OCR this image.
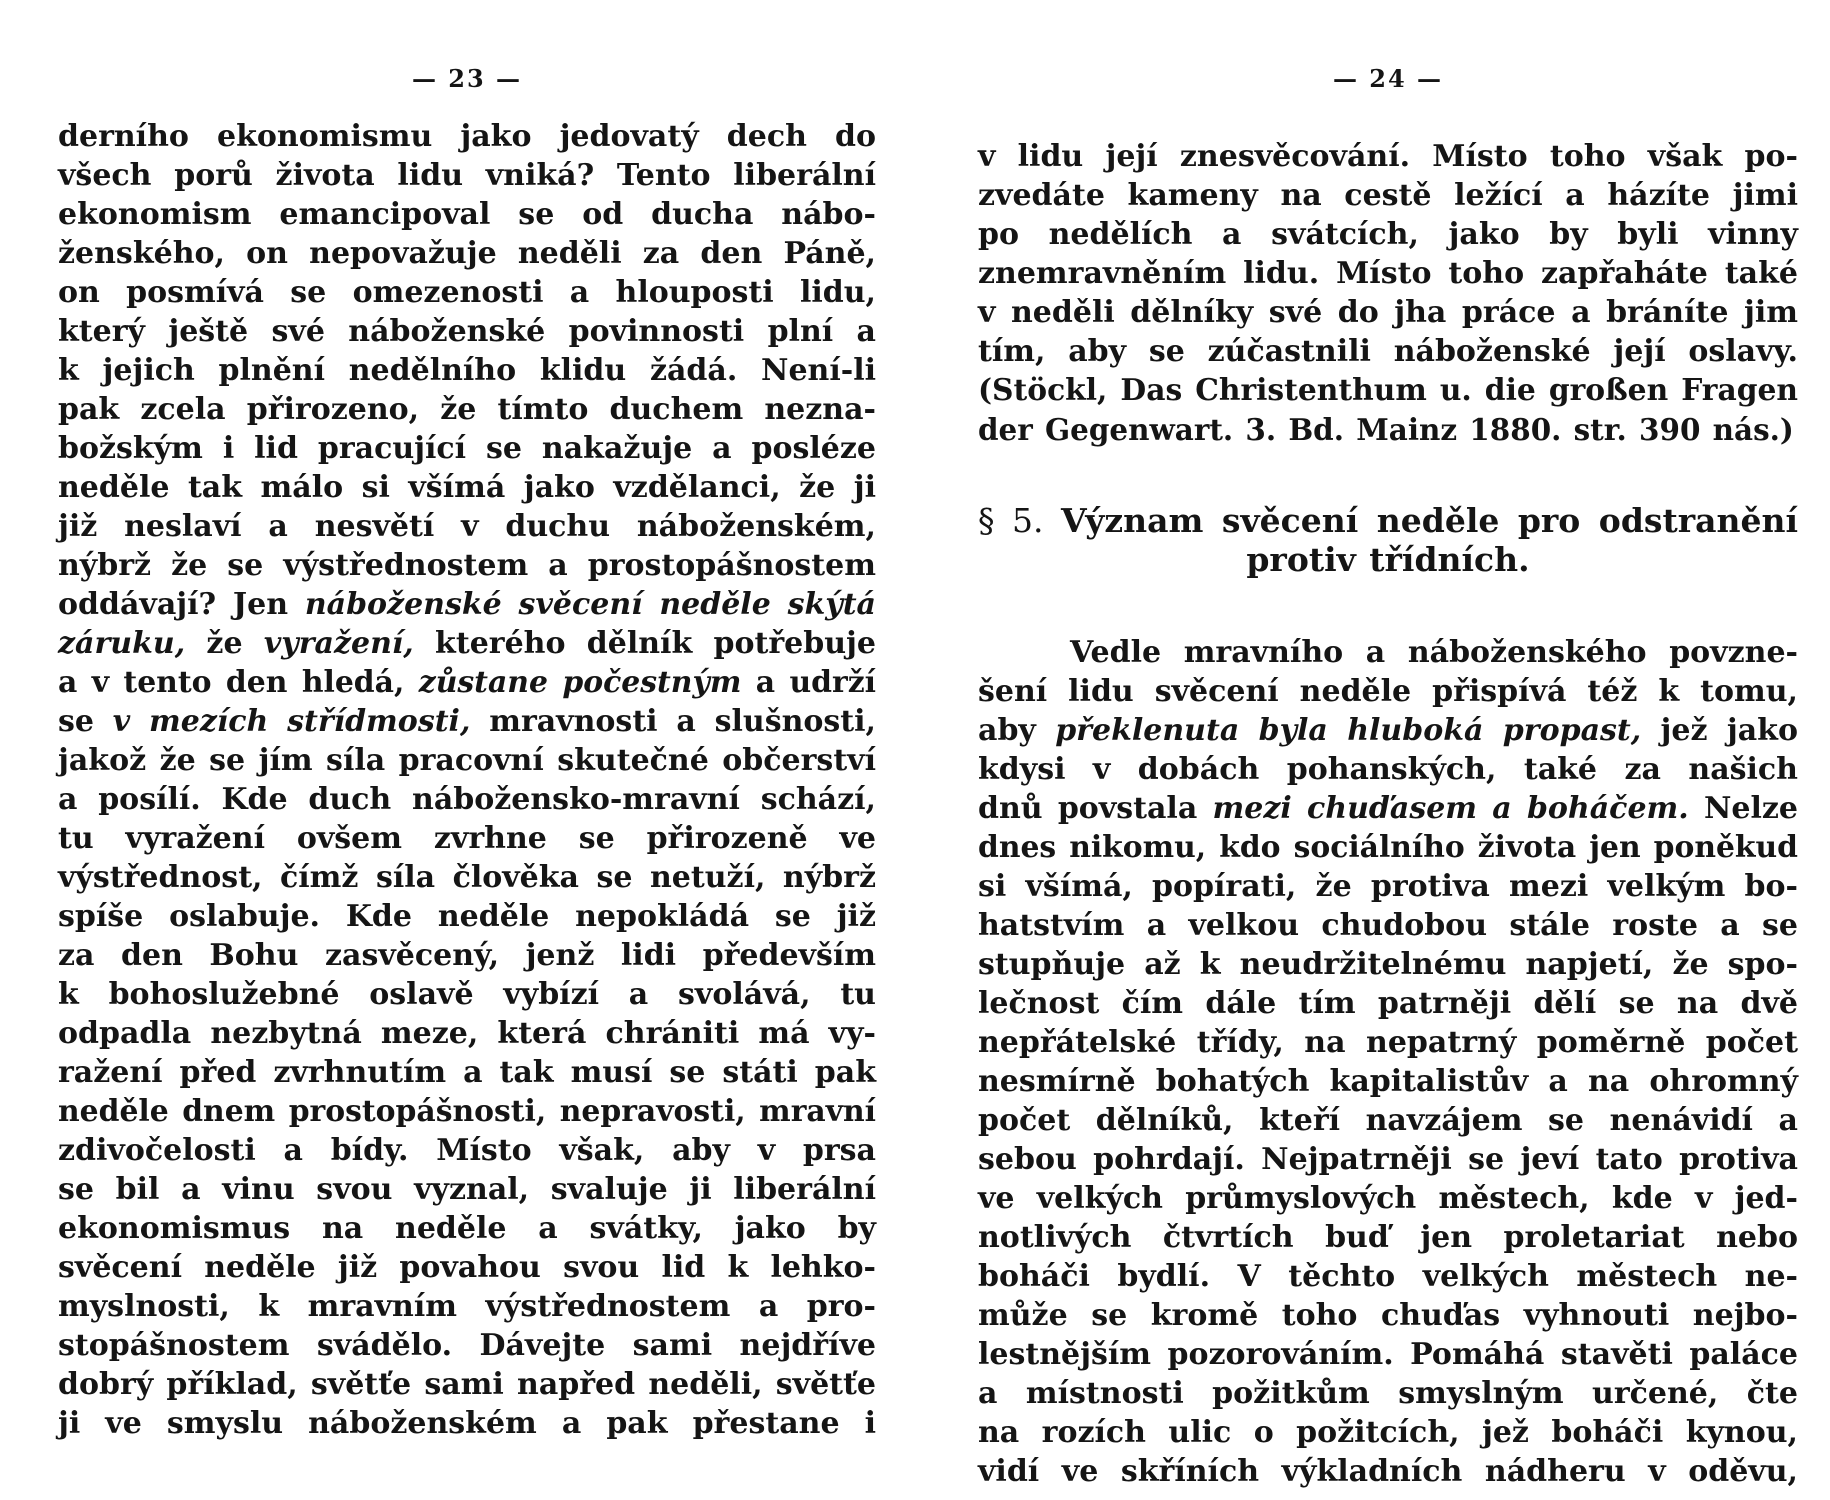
— 23 —
derního ekonomismu jako jedovatý dech do
všech porů života lidu vniká? Tento liberální
ekonomism emancipoval se od ducha nábo-
ženského, on nepovažuje neděli za den Páně,
on posmívá se omezenosti a hlouposti lidu,
který ještě své náboženské povinnosti plní a
k jejich plnění nedělního klidu žádá. Není-li
pak zcela přirozeno, že tímto duchem nezna-
božským i lid pracující se nakažuje a posléze
neděle tak málo si všímá jako vzdělanci, že ji
již neslaví a nesvětí v duchu náboženském,
nýbrž že se výstřednostem a prostopášnostem
oddávají? Jen náboženské svěcení neděle skýtá
záruku, že vyražení, kterého dělník potřebuje
a v tento den hledá, zůstane počestným a udrží
se v mezích střídmosti, mravnosti a slušnosti,
jakož že se jím síla pracovní skutečné občerství
a posílí. Kde duch nábožensko-mravní schází,
tu vyražení ovšem zvrhne se přirozeně ve
výstřednost, čímž síla člověka se netuží, nýbrž
spíše oslabuje. Kde neděle nepokládá se již
za den Bohu zasvěcený, jenž lidi především
k bohoslužebné oslavě vybízí a svolává, tu
odpadla nezbytná meze, která chrániti má vy-
ražení před zvrhnutím a tak musí se státi pak
neděle dnem prostopášnosti, nepravosti, mravní
zdivočelosti a bídy. Místo však, aby v prsa
se bil a vinu svou vyznal, svaluje ji liberální
ekonomismus na neděle a svátky, jako by
svěcení neděle již povahou svou lid k lehko-
myslnosti, k mravním výstřednostem a pro-
stopášnostem svádělo. Dávejte sami nejdříve
dobrý příklad, světťe sami napřed neděli, světťe
ji ve smyslu náboženském a pak přestane i
— 24 —
v lidu její znesvěcování. Místo toho však po-
zvedáte kameny na cestě ležící a házíte jimi
po nedělích a svátcích, jako by byli vinny
znemravněním lidu. Místo toho zapřaháte také
v neděli dělníky své do jha práce a bráníte jim
tím, aby se zúčastnili náboženské její oslavy.
(Stöckl, Das Christenthum u. die großen Fragen
der Gegenwart. 3. Bd. Mainz 1880. str. 390 nás.)
§ 5. Význam svěcení neděle pro odstranění
protiv třídních.
Vedle mravního a náboženského povzne-
šení lidu svěcení neděle přispívá též k tomu,
aby překlenuta byla hluboká propast, jež jako
kdysi v dobách pohanských, také za našich
dnů povstala mezi chuďasem a boháčem. Nelze
dnes nikomu, kdo sociálního života jen poněkud
si všímá, popírati, že protiva mezi velkým bo-
hatstvím a velkou chudobou stále roste a se
stupňuje až k neudržitelnému napjetí, že spo-
lečnost čím dále tím patrněji dělí se na dvě
nepřátelské třídy, na nepatrný poměrně počet
nesmírně bohatých kapitalistův a na ohromný
počet dělníků, kteří navzájem se nenávidí a
sebou pohrdají. Nejpatrněji se jeví tato protiva
ve velkých průmyslových městech, kde v jed-
notlivých čtvrtích buď jen proletariat nebo
boháči bydlí. V těchto velkých městech ne-
může se kromě toho chuďas vyhnouti nejbo-
lestnějším pozorováním. Pomáhá stavěti paláce
a místnosti požitkům smyslným určené, čte
na rozích ulic o požitcích, jež boháči kynou,
vidí ve skříních výkladních nádheru v oděvu,
